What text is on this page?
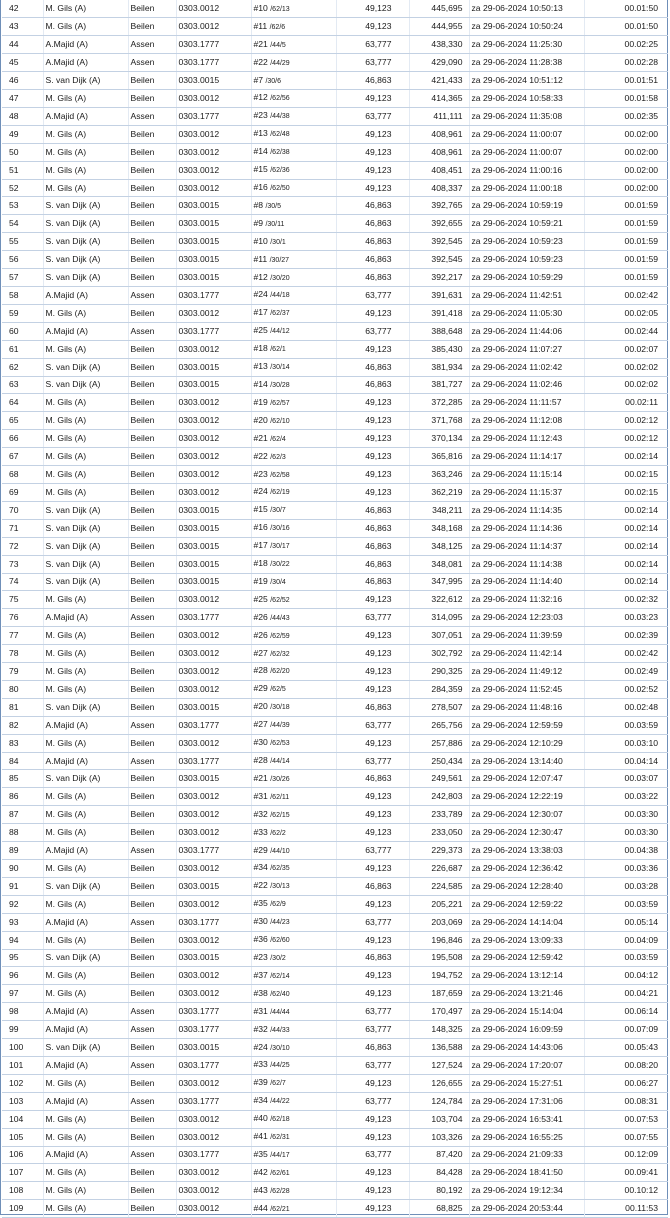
42	M. Gils (A)	Beilen	0303.0012	#10 /62/13	49,123	445,695	za 29-06-2024 10:50:13	00.01:50
43	M. Gils (A)	Beilen	0303.0012	#11 /62/6	49,123	444,955	za 29-06-2024 10:50:24	00.01:50
44	A.Majid (A)	Assen	0303.1777	#21 /44/5	63,777	438,330	za 29-06-2024 11:25:30	00.02:25
45	A.Majid (A)	Assen	0303.1777	#22 /44/29	63,777	429,090	za 29-06-2024 11:28:38	00.02:28
46	S. van Dijk (A)	Beilen	0303.0015	#7 /30/6	46,863	421,433	za 29-06-2024 10:51:12	00.01:51
47	M. Gils (A)	Beilen	0303.0012	#12 /62/56	49,123	414,365	za 29-06-2024 10:58:33	00.01:58
48	A.Majid (A)	Assen	0303.1777	#23 /44/38	63,777	411,111	za 29-06-2024 11:35:08	00.02:35
49	M. Gils (A)	Beilen	0303.0012	#13 /62/48	49,123	408,961	za 29-06-2024 11:00:07	00.02:00
50	M. Gils (A)	Beilen	0303.0012	#14 /62/38	49,123	408,961	za 29-06-2024 11:00:07	00.02:00
51	M. Gils (A)	Beilen	0303.0012	#15 /62/36	49,123	408,451	za 29-06-2024 11:00:16	00.02:00
52	M. Gils (A)	Beilen	0303.0012	#16 /62/50	49,123	408,337	za 29-06-2024 11:00:18	00.02:00
53	S. van Dijk (A)	Beilen	0303.0015	#8 /30/5	46,863	392,765	za 29-06-2024 10:59:19	00.01:59
54	S. van Dijk (A)	Beilen	0303.0015	#9 /30/11	46,863	392,655	za 29-06-2024 10:59:21	00.01:59
55	S. van Dijk (A)	Beilen	0303.0015	#10 /30/1	46,863	392,545	za 29-06-2024 10:59:23	00.01:59
56	S. van Dijk (A)	Beilen	0303.0015	#11 /30/27	46,863	392,545	za 29-06-2024 10:59:23	00.01:59
57	S. van Dijk (A)	Beilen	0303.0015	#12 /30/20	46,863	392,217	za 29-06-2024 10:59:29	00.01:59
58	A.Majid (A)	Assen	0303.1777	#24 /44/18	63,777	391,631	za 29-06-2024 11:42:51	00.02:42
59	M. Gils (A)	Beilen	0303.0012	#17 /62/37	49,123	391,418	za 29-06-2024 11:05:30	00.02:05
60	A.Majid (A)	Assen	0303.1777	#25 /44/12	63,777	388,648	za 29-06-2024 11:44:06	00.02:44
61	M. Gils (A)	Beilen	0303.0012	#18 /62/1	49,123	385,430	za 29-06-2024 11:07:27	00.02:07
62	S. van Dijk (A)	Beilen	0303.0015	#13 /30/14	46,863	381,934	za 29-06-2024 11:02:42	00.02:02
63	S. van Dijk (A)	Beilen	0303.0015	#14 /30/28	46,863	381,727	za 29-06-2024 11:02:46	00.02:02
64	M. Gils (A)	Beilen	0303.0012	#19 /62/57	49,123	372,285	za 29-06-2024 11:11:57	00.02:11
65	M. Gils (A)	Beilen	0303.0012	#20 /62/10	49,123	371,768	za 29-06-2024 11:12:08	00.02:12
66	M. Gils (A)	Beilen	0303.0012	#21 /62/4	49,123	370,134	za 29-06-2024 11:12:43	00.02:12
67	M. Gils (A)	Beilen	0303.0012	#22 /62/3	49,123	365,816	za 29-06-2024 11:14:17	00.02:14
68	M. Gils (A)	Beilen	0303.0012	#23 /62/58	49,123	363,246	za 29-06-2024 11:15:14	00.02:15
69	M. Gils (A)	Beilen	0303.0012	#24 /62/19	49,123	362,219	za 29-06-2024 11:15:37	00.02:15
70	S. van Dijk (A)	Beilen	0303.0015	#15 /30/7	46,863	348,211	za 29-06-2024 11:14:35	00.02:14
71	S. van Dijk (A)	Beilen	0303.0015	#16 /30/16	46,863	348,168	za 29-06-2024 11:14:36	00.02:14
72	S. van Dijk (A)	Beilen	0303.0015	#17 /30/17	46,863	348,125	za 29-06-2024 11:14:37	00.02:14
73	S. van Dijk (A)	Beilen	0303.0015	#18 /30/22	46,863	348,081	za 29-06-2024 11:14:38	00.02:14
74	S. van Dijk (A)	Beilen	0303.0015	#19 /30/4	46,863	347,995	za 29-06-2024 11:14:40	00.02:14
75	M. Gils (A)	Beilen	0303.0012	#25 /62/52	49,123	322,612	za 29-06-2024 11:32:16	00.02:32
76	A.Majid (A)	Assen	0303.1777	#26 /44/43	63,777	314,095	za 29-06-2024 12:23:03	00.03:23
77	M. Gils (A)	Beilen	0303.0012	#26 /62/59	49,123	307,051	za 29-06-2024 11:39:59	00.02:39
78	M. Gils (A)	Beilen	0303.0012	#27 /62/32	49,123	302,792	za 29-06-2024 11:42:14	00.02:42
79	M. Gils (A)	Beilen	0303.0012	#28 /62/20	49,123	290,325	za 29-06-2024 11:49:12	00.02:49
80	M. Gils (A)	Beilen	0303.0012	#29 /62/5	49,123	284,359	za 29-06-2024 11:52:45	00.02:52
81	S. van Dijk (A)	Beilen	0303.0015	#20 /30/18	46,863	278,507	za 29-06-2024 11:48:16	00.02:48
82	A.Majid (A)	Assen	0303.1777	#27 /44/39	63,777	265,756	za 29-06-2024 12:59:59	00.03:59
83	M. Gils (A)	Beilen	0303.0012	#30 /62/53	49,123	257,886	za 29-06-2024 12:10:29	00.03:10
84	A.Majid (A)	Assen	0303.1777	#28 /44/14	63,777	250,434	za 29-06-2024 13:14:40	00.04:14
85	S. van Dijk (A)	Beilen	0303.0015	#21 /30/26	46,863	249,561	za 29-06-2024 12:07:47	00.03:07
86	M. Gils (A)	Beilen	0303.0012	#31 /62/11	49,123	242,803	za 29-06-2024 12:22:19	00.03:22
87	M. Gils (A)	Beilen	0303.0012	#32 /62/15	49,123	233,789	za 29-06-2024 12:30:07	00.03:30
88	M. Gils (A)	Beilen	0303.0012	#33 /62/2	49,123	233,050	za 29-06-2024 12:30:47	00.03:30
89	A.Majid (A)	Assen	0303.1777	#29 /44/10	63,777	229,373	za 29-06-2024 13:38:03	00.04:38
90	M. Gils (A)	Beilen	0303.0012	#34 /62/35	49,123	226,687	za 29-06-2024 12:36:42	00.03:36
91	S. van Dijk (A)	Beilen	0303.0015	#22 /30/13	46,863	224,585	za 29-06-2024 12:28:40	00.03:28
92	M. Gils (A)	Beilen	0303.0012	#35 /62/9	49,123	205,221	za 29-06-2024 12:59:22	00.03:59
93	A.Majid (A)	Assen	0303.1777	#30 /44/23	63,777	203,069	za 29-06-2024 14:14:04	00.05:14
94	M. Gils (A)	Beilen	0303.0012	#36 /62/60	49,123	196,846	za 29-06-2024 13:09:33	00.04:09
95	S. van Dijk (A)	Beilen	0303.0015	#23 /30/2	46,863	195,508	za 29-06-2024 12:59:42	00.03:59
96	M. Gils (A)	Beilen	0303.0012	#37 /62/14	49,123	194,752	za 29-06-2024 13:12:14	00.04:12
97	M. Gils (A)	Beilen	0303.0012	#38 /62/40	49,123	187,659	za 29-06-2024 13:21:46	00.04:21
98	A.Majid (A)	Assen	0303.1777	#31 /44/44	63,777	170,497	za 29-06-2024 15:14:04	00.06:14
99	A.Majid (A)	Assen	0303.1777	#32 /44/33	63,777	148,325	za 29-06-2024 16:09:59	00.07:09
100	S. van Dijk (A)	Beilen	0303.0015	#24 /30/10	46,863	136,588	za 29-06-2024 14:43:06	00.05:43
101	A.Majid (A)	Assen	0303.1777	#33 /44/25	63,777	127,524	za 29-06-2024 17:20:07	00.08:20
102	M. Gils (A)	Beilen	0303.0012	#39 /62/7	49,123	126,655	za 29-06-2024 15:27:51	00.06:27
103	A.Majid (A)	Assen	0303.1777	#34 /44/22	63,777	124,784	za 29-06-2024 17:31:06	00.08:31
104	M. Gils (A)	Beilen	0303.0012	#40 /62/18	49,123	103,704	za 29-06-2024 16:53:41	00.07:53
105	M. Gils (A)	Beilen	0303.0012	#41 /62/31	49,123	103,326	za 29-06-2024 16:55:25	00.07:55
106	A.Majid (A)	Assen	0303.1777	#35 /44/17	63,777	87,420	za 29-06-2024 21:09:33	00.12:09
107	M. Gils (A)	Beilen	0303.0012	#42 /62/61	49,123	84,428	za 29-06-2024 18:41:50	00.09:41
108	M. Gils (A)	Beilen	0303.0012	#43 /62/28	49,123	80,192	za 29-06-2024 19:12:34	00.10:12
109	M. Gils (A)	Beilen	0303.0012	#44 /62/21	49,123	68,825	za 29-06-2024 20:53:44	00.11:53
